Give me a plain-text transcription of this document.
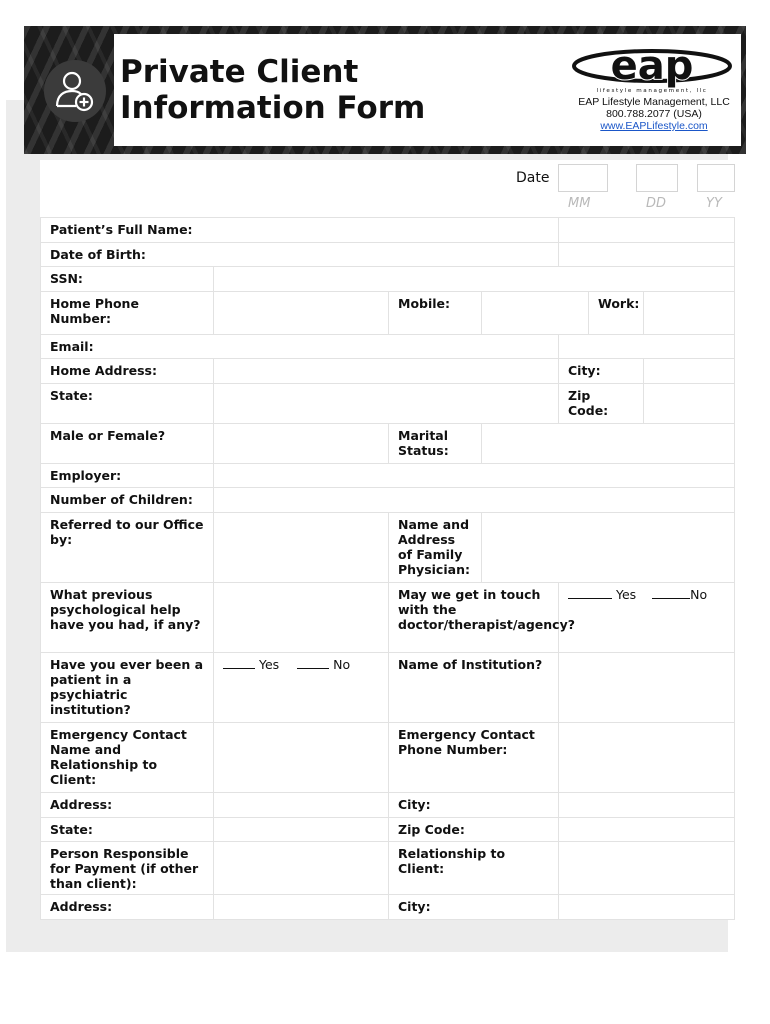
Private Client
Information Form
eap
lifestyle management, llc
EAP Lifestyle Management, LLC
800.788.2077 (USA)
www.EAPLifestyle.com
Date
MM	DD	YY
Patient’s Full Name:						
Date of Birth:						
SSN:						
Home Phone Number:		Mobile:			Work:	
Email:						
Home Address:				City:		
State:				Zip Code:		
Male or Female?		Marital Status:				
Employer:						
Number of Children:						
Referred to our Office by:		Name and Address of Family Physician:				
What previous psychological help have you had, if any?		May we get in touch with the doctor/therapist/agency?		Yes No		
Have you ever been a patient in a psychiatric institution?	Yes No	Name of Institution?				
Emergency Contact Name and Relationship to Client:		Emergency Contact Phone Number:				
Address:		City:				
State:		Zip Code:				
Person Responsible for Payment (if other than client):		Relationship to Client:				
Address:		City:				
